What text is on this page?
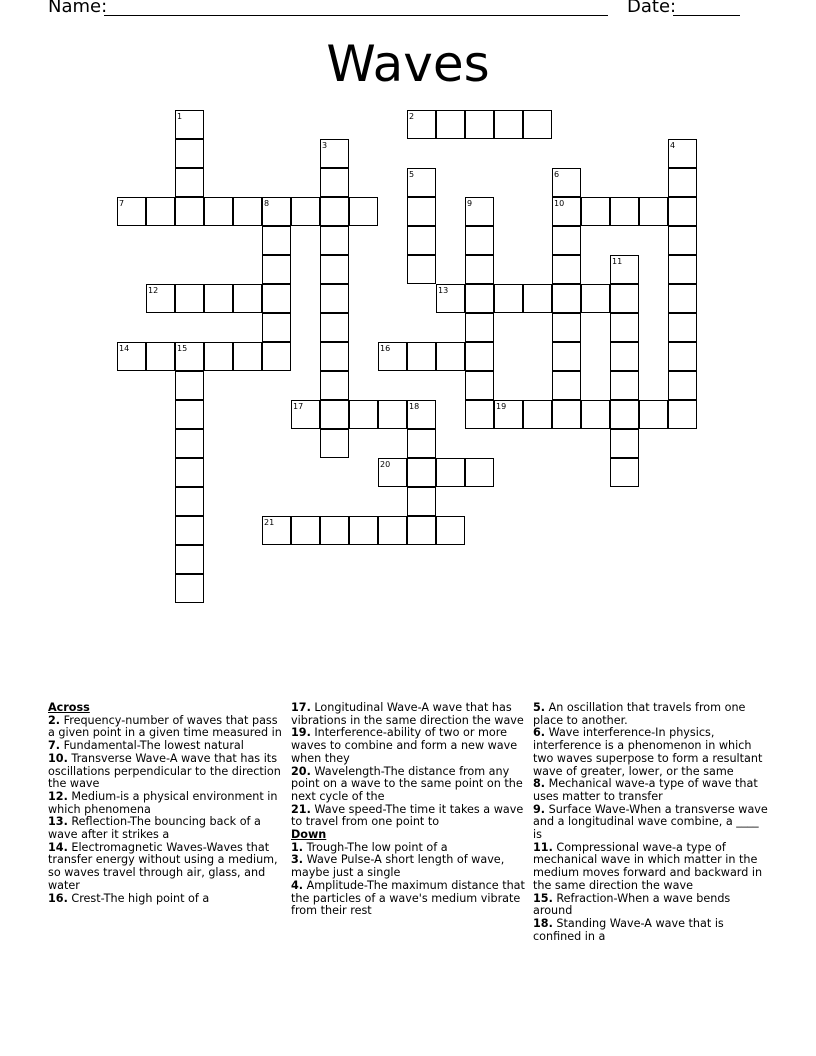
Name:	Date:
Waves
1	2
3	4
5	6
7	8	9	10
11
12	13
14	15	16
17	18	19
20
21
Across
2. Frequency-number of waves that pass a given point in a given time measured in
7. Fundamental-The lowest natural
10. Transverse Wave-A wave that has its oscillations perpendicular to the direction the wave
12. Medium-is a physical environment in which phenomena
13. Reflection-The bouncing back of a wave after it strikes a
14. Electromagnetic Waves-Waves that transfer energy without using a medium, so waves travel through air, glass, and water
16. Crest-The high point of a
17. Longitudinal Wave-A wave that has vibrations in the same direction the wave
19. Interference-ability of two or more waves to combine and form a new wave when they
20. Wavelength-The distance from any point on a wave to the same point on the next cycle of the
21. Wave speed-The time it takes a wave to travel from one point to
Down
1. Trough-The low point of a
3. Wave Pulse-A short length of wave, maybe just a single
4. Amplitude-The maximum distance that the particles of a wave's medium vibrate from their rest
5. An oscillation that travels from one place to another.
6. Wave interference-In physics, interference is a phenomenon in which two waves superpose to form a resultant wave of greater, lower, or the same
8. Mechanical wave-a type of wave that uses matter to transfer
9. Surface Wave-When a transverse wave and a longitudinal wave combine, a ____ is
11. Compressional wave-a type of mechanical wave in which matter in the medium moves forward and backward in the same direction the wave
15. Refraction-When a wave bends around
18. Standing Wave-A wave that is confined in a
